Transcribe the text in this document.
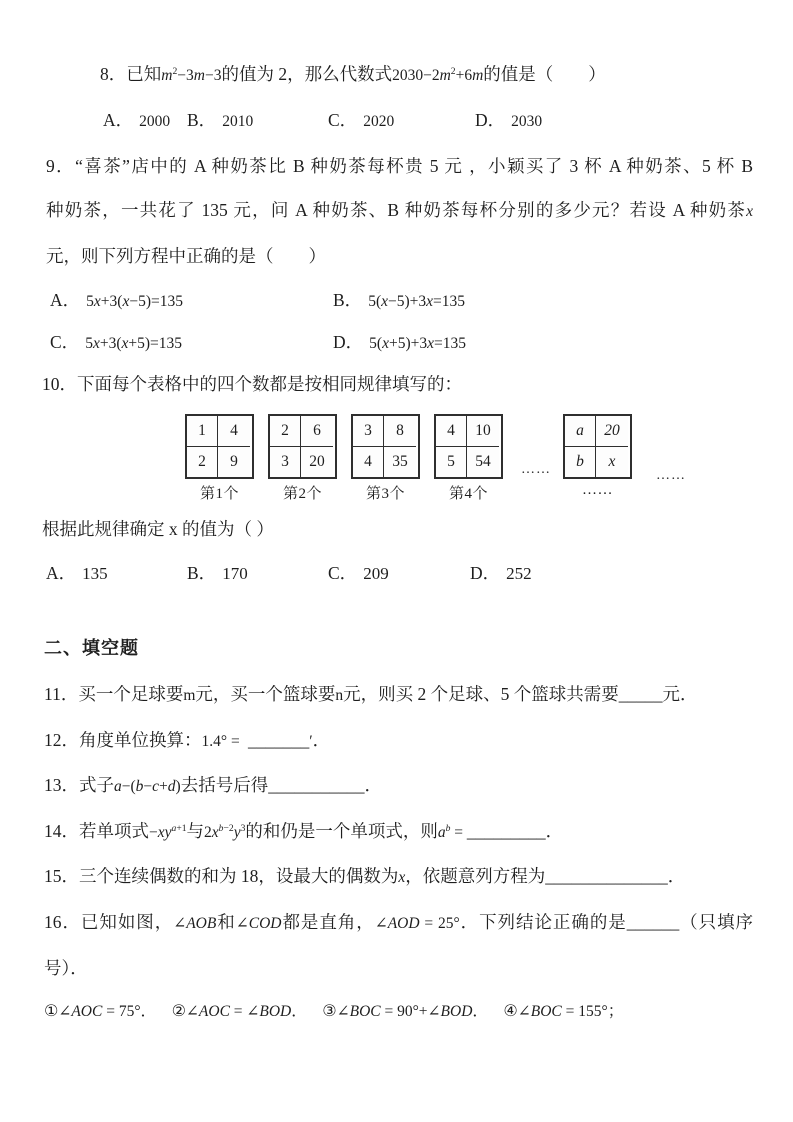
8．已知$m^2-3m-3$的值为 2，那么代数式$2030-2m^2+6m$的值是（　　）
A． 2000 B． 2010	C． 2020	D． 2030
9．“喜茶”店中的 A 种奶茶比 B 种奶茶每杯贵 5 元 ，小颖买了 3 杯 A 种奶茶、5 杯 B
种奶茶，一共花了 135 元，问 A 种奶茶、B 种奶茶每杯分别的多少元？若设 A 种奶茶x
元，则下列方程中正确的是（　　）
A． 5x+3(x−5)=135	B． 5(x−5)+3x=135
C． 5x+3(x+5)=135	D． 5(x+5)+3x=135
10．下面每个表格中的四个数都是按相同规律填写的：
1	4
2	9
第1个
2	6
3	20
第2个
3	8
4	35
第3个
4	10
5	54
第4个
……
a	20
b	x
……
……
根据此规律确定 x 的值为（ ）
A． 135	B． 170	C． 209	D． 252
二、填空题
11．买一个足球要m元，买一个篮球要n元，则买 2 个足球、5 个篮球共需要_____元．
12．角度单位换算：1.4° =  _______′．
13．式子a−(b−c+d)去括号后得___________．
14．若单项式$-xy^{a+1}$与$2x^{b-2}y^3$的和仍是一个单项式，则$a^b$ = _________．
15．三个连续偶数的和为 18，设最大的偶数为x，依题意列方程为______________．
16．已知如图，∠AOB和∠COD都是直角，∠AOD = 25°．下列结论正确的是______（只填序
号）．
①∠AOC = 75°． ②∠AOC = ∠BOD． ③∠BOC = 90°+∠BOD． ④∠BOC = 155°；
